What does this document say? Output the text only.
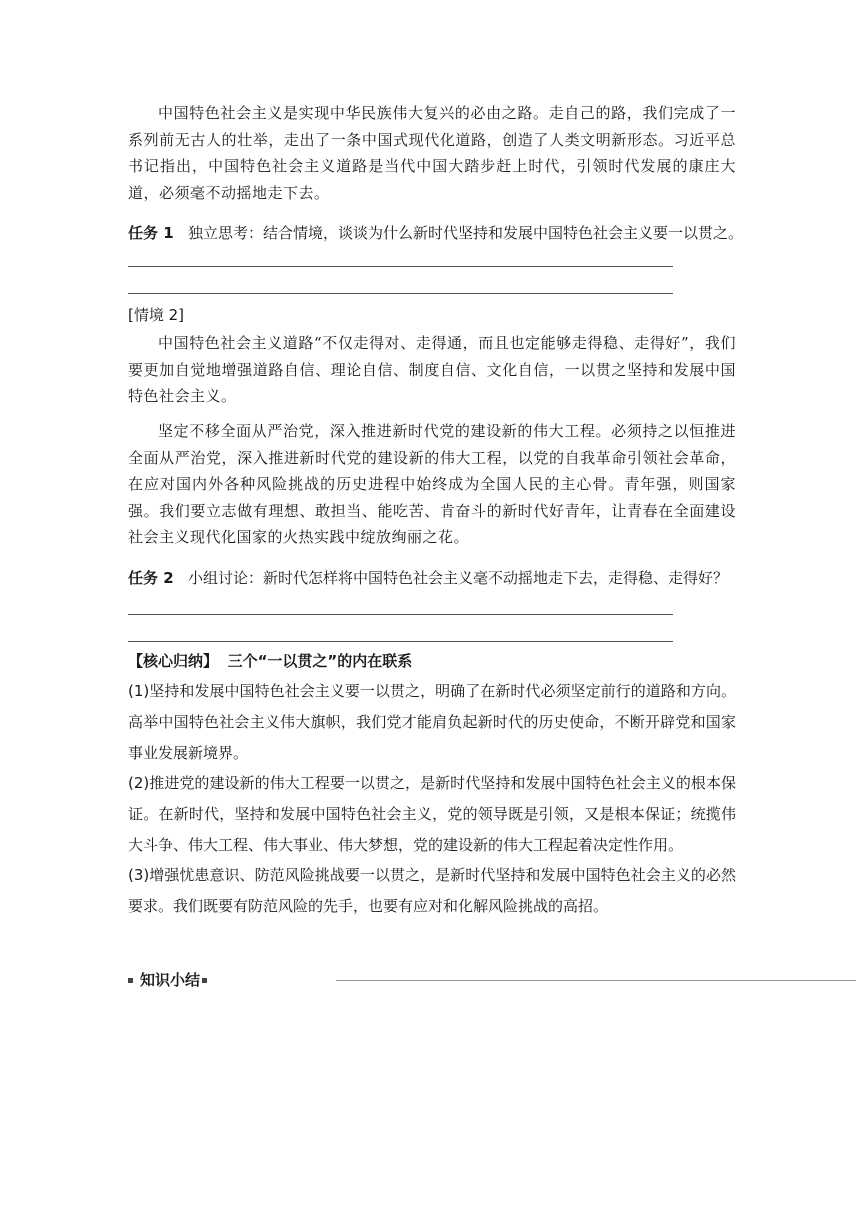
中国特色社会主义是实现中华民族伟大复兴的必由之路。走自己的路，我们完成了一系列前无古人的壮举，走出了一条中国式现代化道路，创造了人类文明新形态。习近平总书记指出，中国特色社会主义道路是当代中国大踏步赶上时代，引领时代发展的康庄大道，必须毫不动摇地走下去。

任务 1 独立思考：结合情境，谈谈为什么新时代坚持和发展中国特色社会主义要一以贯之。

[情境 2]

中国特色社会主义道路“不仅走得对、走得通，而且也定能够走得稳、走得好”，我们要更加自觉地增强道路自信、理论自信、制度自信、文化自信，一以贯之坚持和发展中国特色社会主义。

坚定不移全面从严治党，深入推进新时代党的建设新的伟大工程。必须持之以恒推进全面从严治党，深入推进新时代党的建设新的伟大工程，以党的自我革命引领社会革命，在应对国内外各种风险挑战的历史进程中始终成为全国人民的主心骨。青年强，则国家强。我们要立志做有理想、敢担当、能吃苦、肯奋斗的新时代好青年，让青春在全面建设社会主义现代化国家的火热实践中绽放绚丽之花。

任务 2 小组讨论：新时代怎样将中国特色社会主义毫不动摇地走下去，走得稳、走得好？

【核心归纳】 三个“一以贯之”的内在联系

(1)坚持和发展中国特色社会主义要一以贯之，明确了在新时代必须坚定前行的道路和方向。高举中国特色社会主义伟大旗帜，我们党才能肩负起新时代的历史使命，不断开辟党和国家事业发展新境界。

(2)推进党的建设新的伟大工程要一以贯之，是新时代坚持和发展中国特色社会主义的根本保证。在新时代，坚持和发展中国特色社会主义，党的领导既是引领，又是根本保证；统揽伟大斗争、伟大工程、伟大事业、伟大梦想，党的建设新的伟大工程起着决定性作用。

(3)增强忧患意识、防范风险挑战要一以贯之，是新时代坚持和发展中国特色社会主义的必然要求。我们既要有防范风险的先手，也要有应对和化解风险挑战的高招。

知识小结
